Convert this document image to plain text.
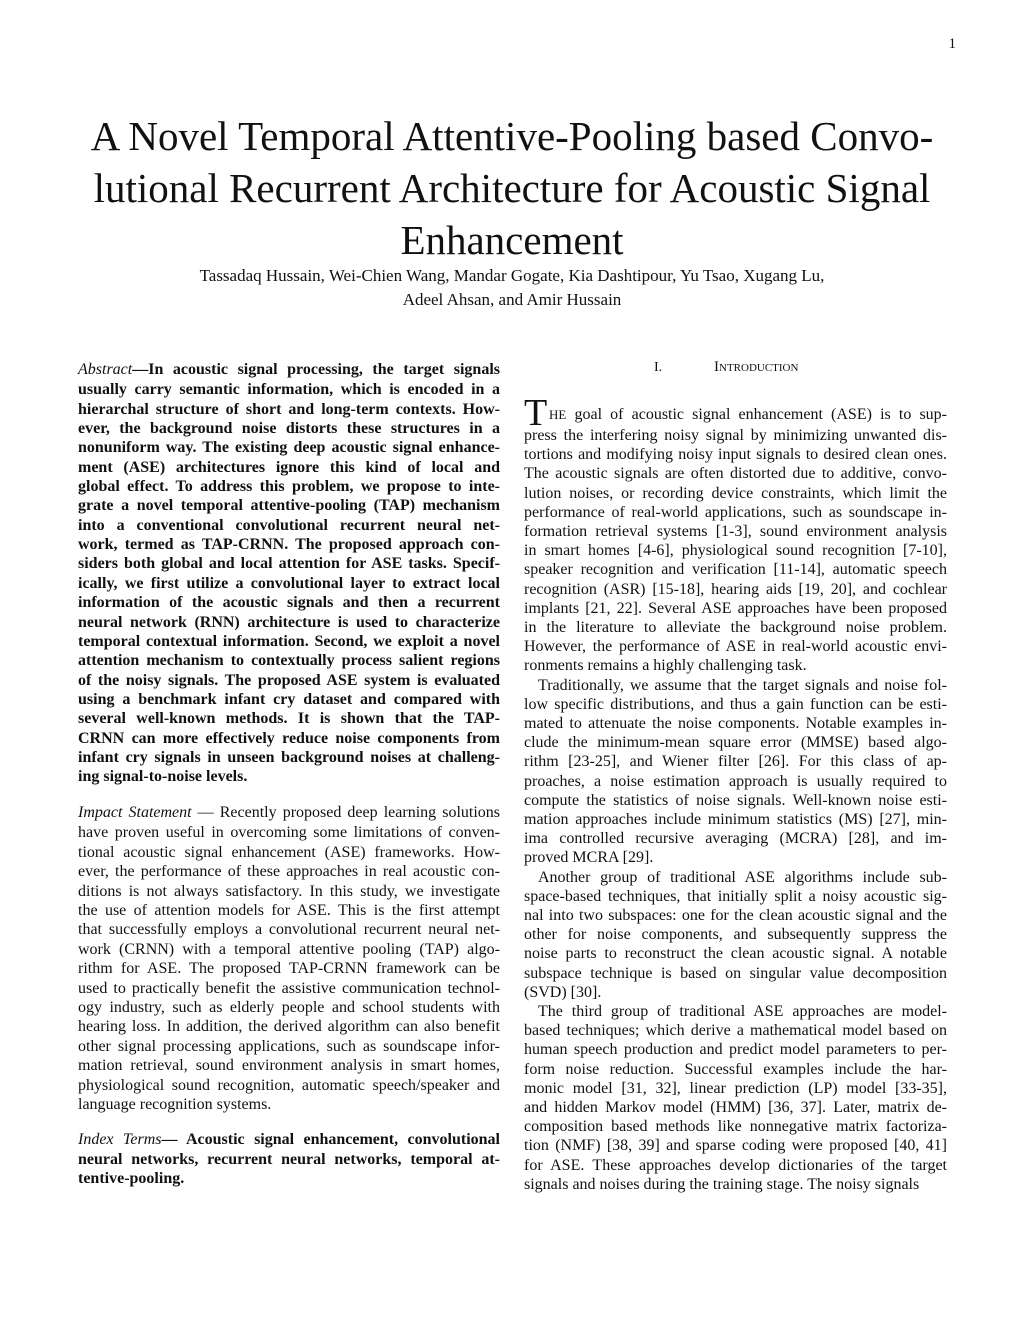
1
A Novel Temporal Attentive-Pooling based Convo-
lutional Recurrent Architecture for Acoustic Signal
Enhancement
Tassadaq Hussain, Wei-Chien Wang, Mandar Gogate, Kia Dashtipour, Yu Tsao, Xugang Lu,
Adeel Ahsan, and Amir Hussain
Abstract—In acoustic signal processing, the target signals
usually carry semantic information, which is encoded in a
hierarchal structure of short and long-term contexts. How-
ever, the background noise distorts these structures in a
nonuniform way. The existing deep acoustic signal enhance-
ment (ASE) architectures ignore this kind of local and
global effect. To address this problem, we propose to inte-
grate a novel temporal attentive-pooling (TAP) mechanism
into a conventional convolutional recurrent neural net-
work, termed as TAP-CRNN. The proposed approach con-
siders both global and local attention for ASE tasks. Specif-
ically, we first utilize a convolutional layer to extract local
information of the acoustic signals and then a recurrent
neural network (RNN) architecture is used to characterize
temporal contextual information. Second, we exploit a novel
attention mechanism to contextually process salient regions
of the noisy signals. The proposed ASE system is evaluated
using a benchmark infant cry dataset and compared with
several well-known methods. It is shown that the TAP-
CRNN can more effectively reduce noise components from
infant cry signals in unseen background noises at challeng-
ing signal-to-noise levels.
Impact Statement — Recently proposed deep learning solutions
have proven useful in overcoming some limitations of conven-
tional acoustic signal enhancement (ASE) frameworks. How-
ever, the performance of these approaches in real acoustic con-
ditions is not always satisfactory. In this study, we investigate
the use of attention models for ASE. This is the first attempt
that successfully employs a convolutional recurrent neural net-
work (CRNN) with a temporal attentive pooling (TAP) algo-
rithm for ASE. The proposed TAP-CRNN framework can be
used to practically benefit the assistive communication technol-
ogy industry, such as elderly people and school students with
hearing loss. In addition, the derived algorithm can also benefit
other signal processing applications, such as soundscape infor-
mation retrieval, sound environment analysis in smart homes,
physiological sound recognition, automatic speech/speaker and
language recognition systems.
Index Terms— Acoustic signal enhancement, convolutional
neural networks, recurrent neural networks, temporal at-
tentive-pooling.
I.	Introduction
T HE goal of acoustic signal enhancement (ASE) is to sup-
press the interfering noisy signal by minimizing unwanted dis-
tortions and modifying noisy input signals to desired clean ones.
The acoustic signals are often distorted due to additive, convo-
lution noises, or recording device constraints, which limit the
performance of real-world applications, such as soundscape in-
formation retrieval systems [1-3], sound environment analysis
in smart homes [4-6], physiological sound recognition [7-10],
speaker recognition and verification [11-14], automatic speech
recognition (ASR) [15-18], hearing aids [19, 20], and cochlear
implants [21, 22]. Several ASE approaches have been proposed
in the literature to alleviate the background noise problem.
However, the performance of ASE in real-world acoustic envi-
ronments remains a highly challenging task.
Traditionally, we assume that the target signals and noise fol-
low specific distributions, and thus a gain function can be esti-
mated to attenuate the noise components. Notable examples in-
clude the minimum-mean square error (MMSE) based algo-
rithm [23-25], and Wiener filter [26]. For this class of ap-
proaches, a noise estimation approach is usually required to
compute the statistics of noise signals. Well-known noise esti-
mation approaches include minimum statistics (MS) [27], min-
ima controlled recursive averaging (MCRA) [28], and im-
proved MCRA [29].
Another group of traditional ASE algorithms include sub-
space-based techniques, that initially split a noisy acoustic sig-
nal into two subspaces: one for the clean acoustic signal and the
other for noise components, and subsequently suppress the
noise parts to reconstruct the clean acoustic signal. A notable
subspace technique is based on singular value decomposition
(SVD) [30].
The third group of traditional ASE approaches are model-
based techniques; which derive a mathematical model based on
human speech production and predict model parameters to per-
form noise reduction. Successful examples include the har-
monic model [31, 32], linear prediction (LP) model [33-35],
and hidden Markov model (HMM) [36, 37]. Later, matrix de-
composition based methods like nonnegative matrix factoriza-
tion (NMF) [38, 39] and sparse coding were proposed [40, 41]
for ASE. These approaches develop dictionaries of the target
signals and noises during the training stage. The noisy signals
